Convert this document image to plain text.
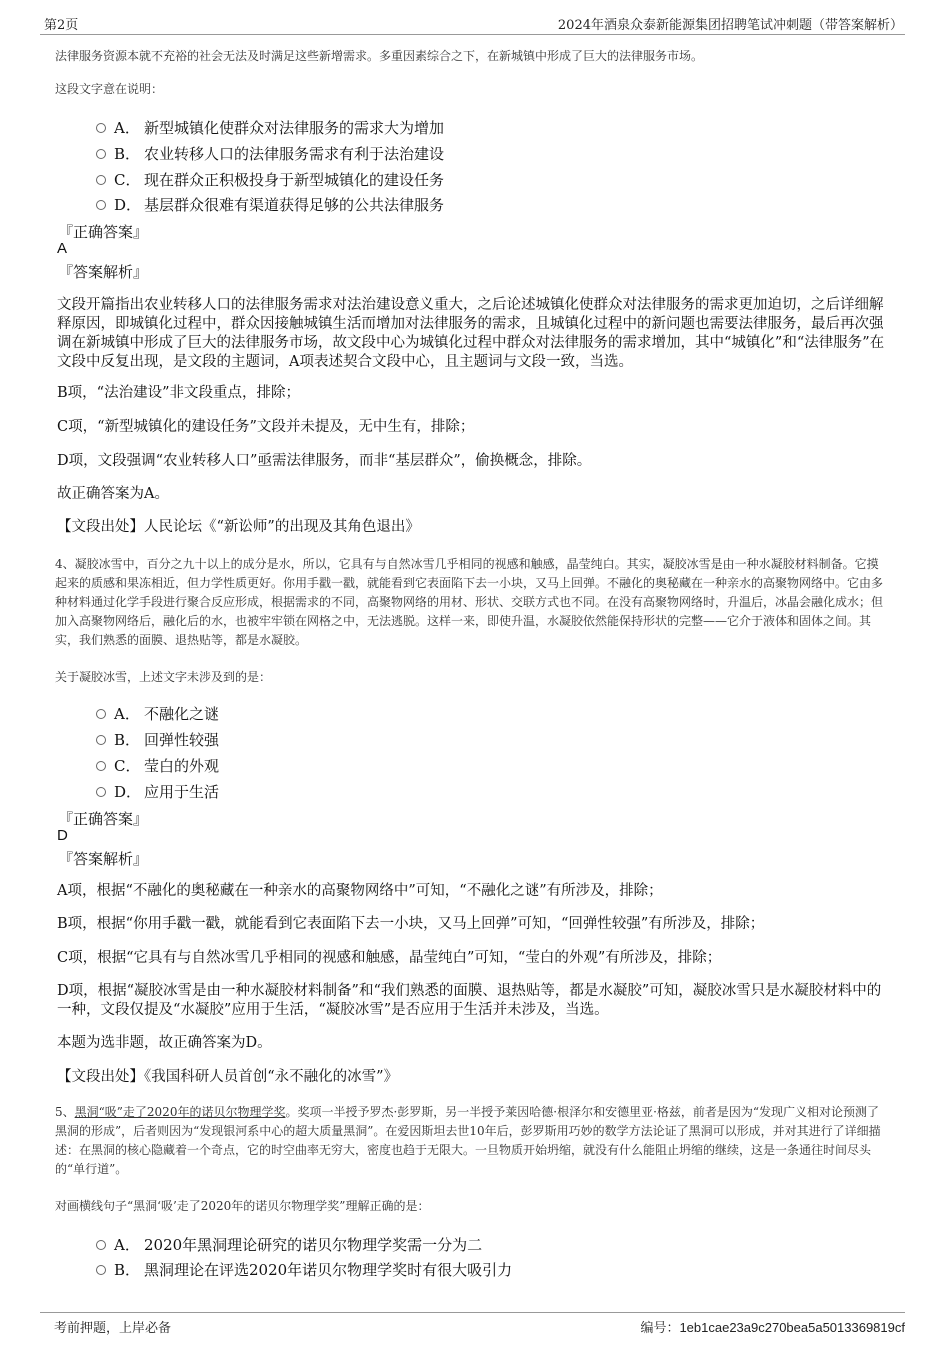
第2页	2024年酒泉众泰新能源集团招聘笔试冲刺题（带答案解析）

法律服务资源本就不充裕的社会无法及时满足这些新增需求。多重因素综合之下，在新城镇中形成了巨大的法律服务市场。

这段文字意在说明：

A． 新型城镇化使群众对法律服务的需求大为增加
B． 农业转移人口的法律服务需求有利于法治建设
C． 现在群众正积极投身于新型城镇化的建设任务
D． 基层群众很难有渠道获得足够的公共法律服务
『正确答案』
A
『答案解析』

文段开篇指出农业转移人口的法律服务需求对法治建设意义重大，之后论述城镇化使群众对法律服务的需求更加迫切，之后详细解释原因，即城镇化过程中，群众因接触城镇生活而增加对法律服务的需求，且城镇化过程中的新问题也需要法律服务，最后再次强调在新城镇中形成了巨大的法律服务市场，故文段中心为城镇化过程中群众对法律服务的需求增加，其中“城镇化”和“法律服务”在文段中反复出现，是文段的主题词，A项表述契合文段中心，且主题词与文段一致，当选。

B项，“法治建设”非文段重点，排除；

C项，“新型城镇化的建设任务”文段并未提及，无中生有，排除；

D项，文段强调“农业转移人口”亟需法律服务，而非“基层群众”，偷换概念，排除。

故正确答案为A。

【文段出处】人民论坛《“新讼师”的出现及其角色退出》

4、凝胶冰雪中，百分之九十以上的成分是水，所以，它具有与自然冰雪几乎相同的视感和触感，晶莹纯白。其实，凝胶冰雪是由一种水凝胶材料制备。它摸起来的质感和果冻相近，但力学性质更好。你用手戳一戳，就能看到它表面陷下去一小块，又马上回弹。不融化的奥秘藏在一种亲水的高聚物网络中。它由多种材料通过化学手段进行聚合反应形成，根据需求的不同，高聚物网络的用材、形状、交联方式也不同。在没有高聚物网络时，升温后，冰晶会融化成水；但加入高聚物网络后，融化后的水，也被牢牢锁在网格之中，无法逃脱。这样一来，即使升温，水凝胶依然能保持形状的完整——它介于液体和固体之间。其实，我们熟悉的面膜、退热贴等，都是水凝胶。

关于凝胶冰雪，上述文字未涉及到的是：

A． 不融化之谜
B． 回弹性较强
C． 莹白的外观
D． 应用于生活
『正确答案』
D
『答案解析』

A项，根据“不融化的奥秘藏在一种亲水的高聚物网络中”可知，“不融化之谜”有所涉及，排除；

B项，根据“你用手戳一戳，就能看到它表面陷下去一小块，又马上回弹”可知，“回弹性较强”有所涉及，排除；

C项，根据“它具有与自然冰雪几乎相同的视感和触感，晶莹纯白”可知，“莹白的外观”有所涉及，排除；

D项，根据“凝胶冰雪是由一种水凝胶材料制备”和“我们熟悉的面膜、退热贴等，都是水凝胶”可知，凝胶冰雪只是水凝胶材料中的一种，文段仅提及“水凝胶”应用于生活，“凝胶冰雪”是否应用于生活并未涉及，当选。

本题为选非题，故正确答案为D。

【文段出处】《我国科研人员首创“永不融化的冰雪”》

5、黑洞“吸”走了2020年的诺贝尔物理学奖。奖项一半授予罗杰·彭罗斯，另一半授予莱因哈德·根泽尔和安德里亚·格兹，前者是因为“发现广义相对论预测了黑洞的形成”，后者则因为“发现银河系中心的超大质量黑洞”。在爱因斯坦去世10年后，彭罗斯用巧妙的数学方法论证了黑洞可以形成，并对其进行了详细描述：在黑洞的核心隐藏着一个奇点，它的时空曲率无穷大，密度也趋于无限大。一旦物质开始坍缩，就没有什么能阻止坍缩的继续，这是一条通往时间尽头的“单行道”。

对画横线句子“黑洞‘吸’走了2020年的诺贝尔物理学奖”理解正确的是：

A． 2020年黑洞理论研究的诺贝尔物理学奖需一分为二
B． 黑洞理论在评选2020年诺贝尔物理学奖时有很大吸引力
考前押题，上岸必备	编号：1eb1cae23a9c270bea5a5013369819cf
